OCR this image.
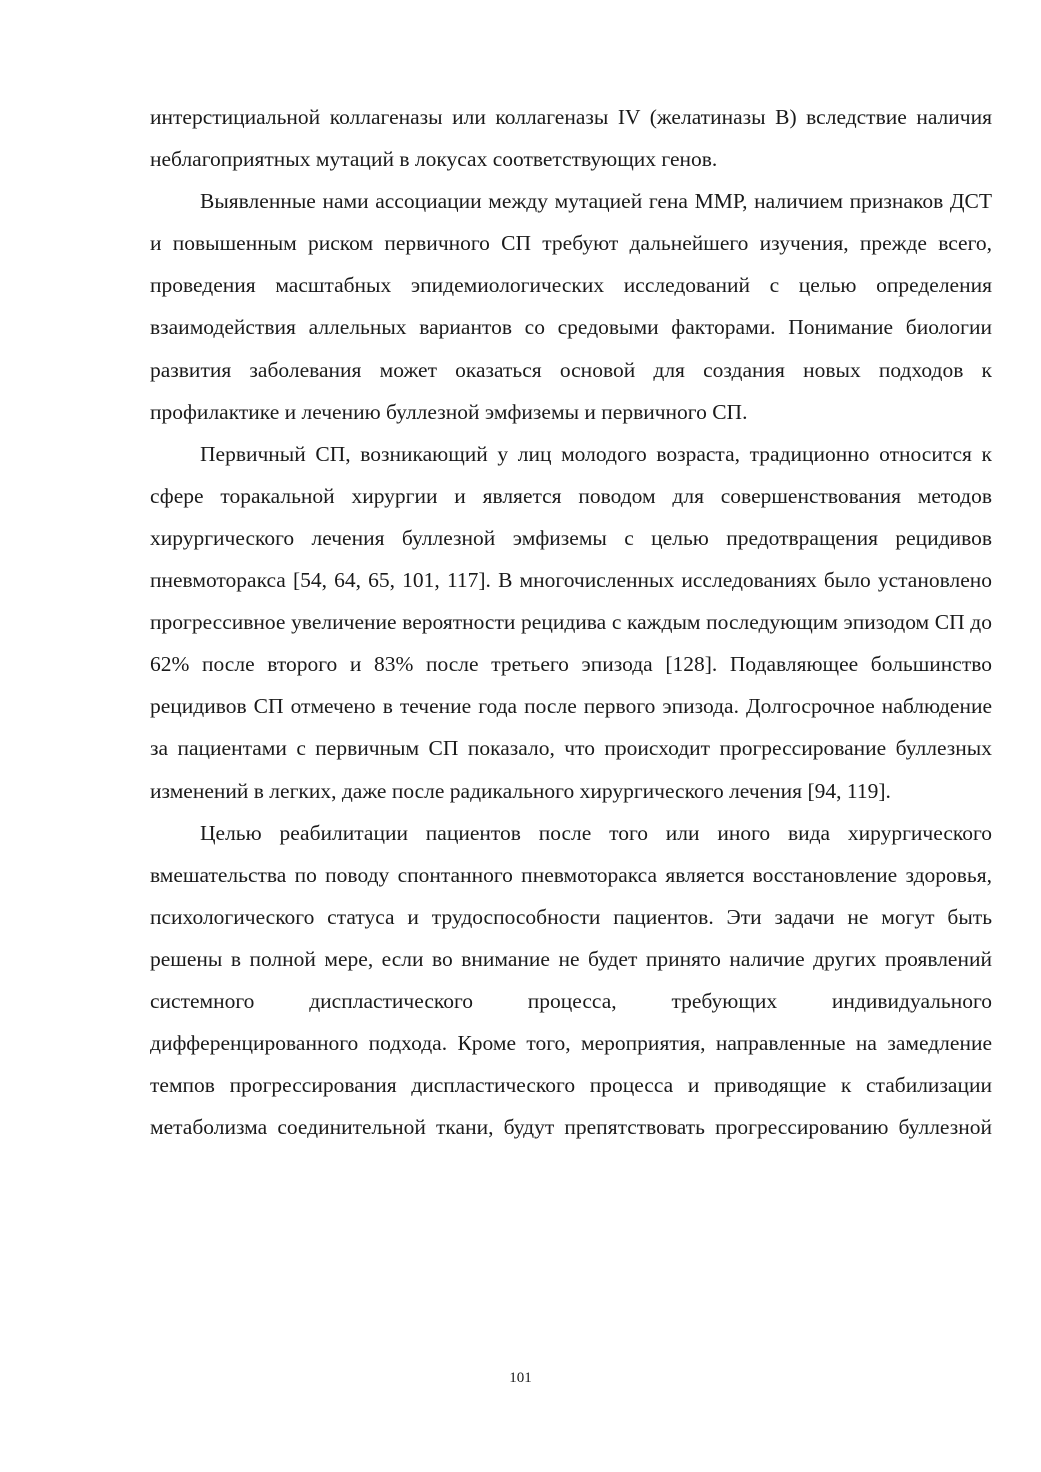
интерстициальной коллагеназы или коллагеназы IV (желатиназы В) вследствие наличия неблагоприятных мутаций в локусах соответствующих генов.

Выявленные нами ассоциации между мутацией гена ММР, наличием признаков ДСТ и повышенным риском первичного СП требуют дальнейшего изучения, прежде всего, проведения масштабных эпидемиологических исследований с целью определения взаимодействия аллельных вариантов со средовыми факторами. Понимание биологии развития заболевания может оказаться основой для создания новых подходов к профилактике и лечению буллезной эмфиземы и первичного СП.

Первичный СП, возникающий у лиц молодого возраста, традиционно относится к сфере торакальной хирургии и является поводом для совершенствования методов хирургического лечения буллезной эмфиземы с целью предотвращения рецидивов пневмоторакса [54, 64, 65, 101, 117]. В многочисленных исследованиях было установлено прогрессивное увеличение вероятности рецидива с каждым последующим эпизодом СП до 62% после второго и 83% после третьего эпизода [128]. Подавляющее большинство рецидивов СП отмечено в течение года после первого эпизода. Долгосрочное наблюдение за пациентами с первичным СП показало, что происходит прогрессирование буллезных изменений в легких, даже после радикального хирургического лечения [94, 119].

Целью реабилитации пациентов после того или иного вида хирургического вмешательства по поводу спонтанного пневмоторакса является восстановление здоровья, психологического статуса и трудоспособности пациентов. Эти задачи не могут быть решены в полной мере, если во внимание не будет принято наличие других проявлений системного диспластического процесса, требующих индивидуального дифференцированного подхода. Кроме того, мероприятия, направленные на замедление темпов прогрессирования диспластического процесса и приводящие к стабилизации метаболизма соединительной ткани, будут препятствовать прогрессированию буллезной

101
